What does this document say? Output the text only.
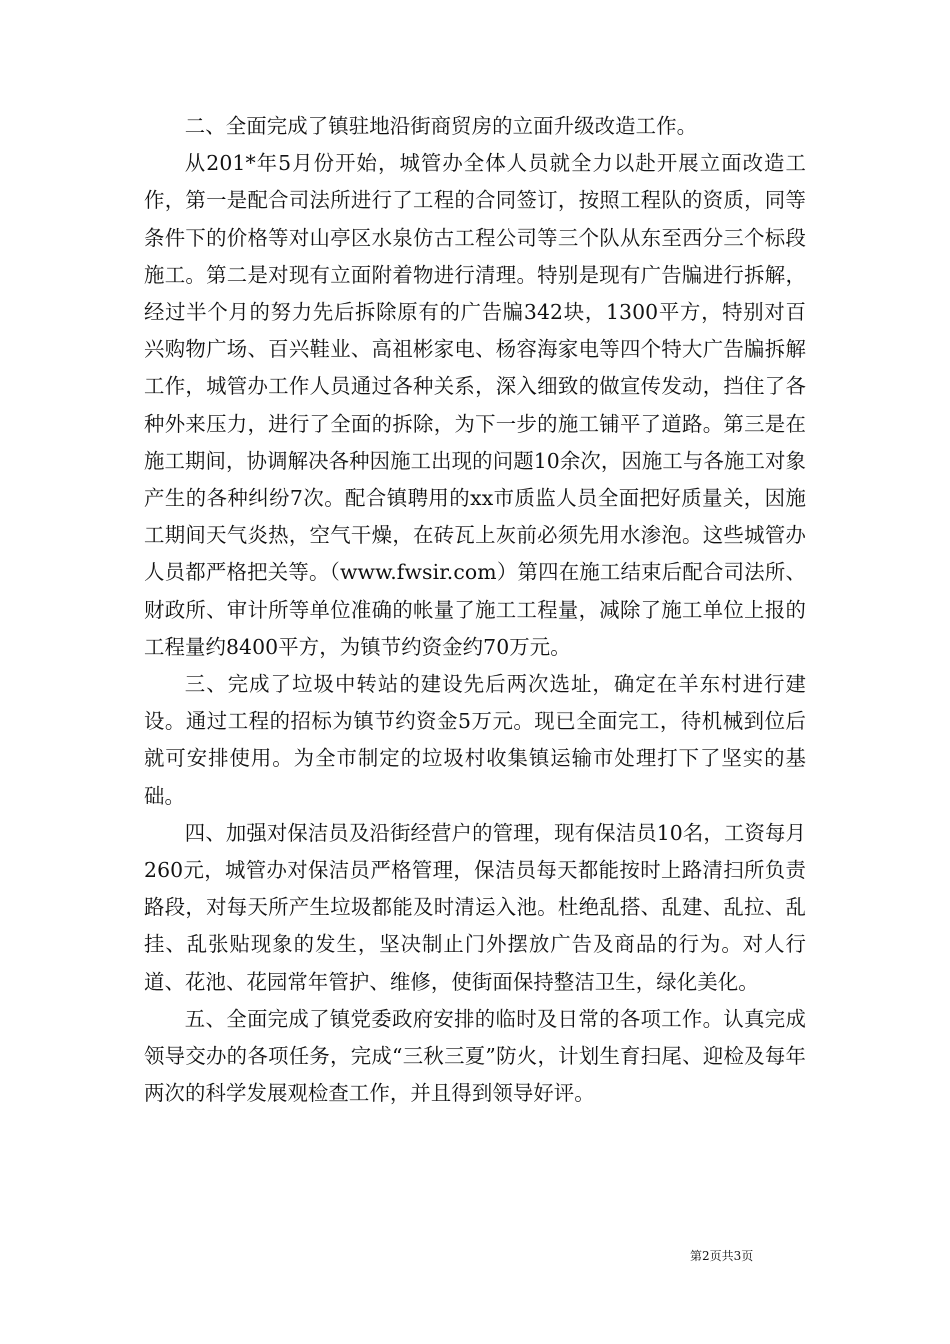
二、全面完成了镇驻地沿街商贸房的立面升级改造工作。

从201*年5月份开始，城管办全体人员就全力以赴开展立面改造工作，第一是配合司法所进行了工程的合同签订，按照工程队的资质，同等条件下的价格等对山亭区水泉仿古工程公司等三个队从东至西分三个标段施工。第二是对现有立面附着物进行清理。特别是现有广告牑进行拆解，经过半个月的努力先后拆除原有的广告牑342块，1300平方，特别对百兴购物广场、百兴鞋业、高祖彬家电、杨容海家电等四个特大广告牑拆解工作，城管办工作人员通过各种关系，深入细致的做宣传发动，挡住了各种外来压力，进行了全面的拆除，为下一步的施工铺平了道路。第三是在施工期间，协调解决各种因施工出现的问题10余次，因施工与各施工对象产生的各种纠纷7次。配合镇聘用的xx市质监人员全面把好质量关，因施工期间天气炎热，空气干燥，在砖瓦上灰前必须先用水渗泡。这些城管办人员都严格把关等。（www.fwsir.com）第四在施工结束后配合司法所、财政所、审计所等单位准确的帐量了施工工程量，减除了施工单位上报的工程量约8400平方，为镇节约资金约70万元。

三、完成了垃圾中转站的建设先后两次选址，确定在羊东村进行建设。通过工程的招标为镇节约资金5万元。现已全面完工，待机械到位后就可安排使用。为全市制定的垃圾村收集镇运输市处理打下了坚实的基础。

四、加强对保洁员及沿街经营户的管理，现有保洁员10名，工资每月260元，城管办对保洁员严格管理，保洁员每天都能按时上路清扫所负责路段，对每天所产生垃圾都能及时清运入池。杜绝乱搭、乱建、乱拉、乱挂、乱张贴现象的发生，坚决制止门外摆放广告及商品的行为。对人行道、花池、花园常年管护、维修，使街面保持整洁卫生，绿化美化。

五、全面完成了镇党委政府安排的临时及日常的各项工作。认真完成领导交办的各项任务，完成“三秋三夏”防火，计划生育扫尾、迎检及每年两次的科学发展观检查工作，并且得到领导好评。

第2页共3页
